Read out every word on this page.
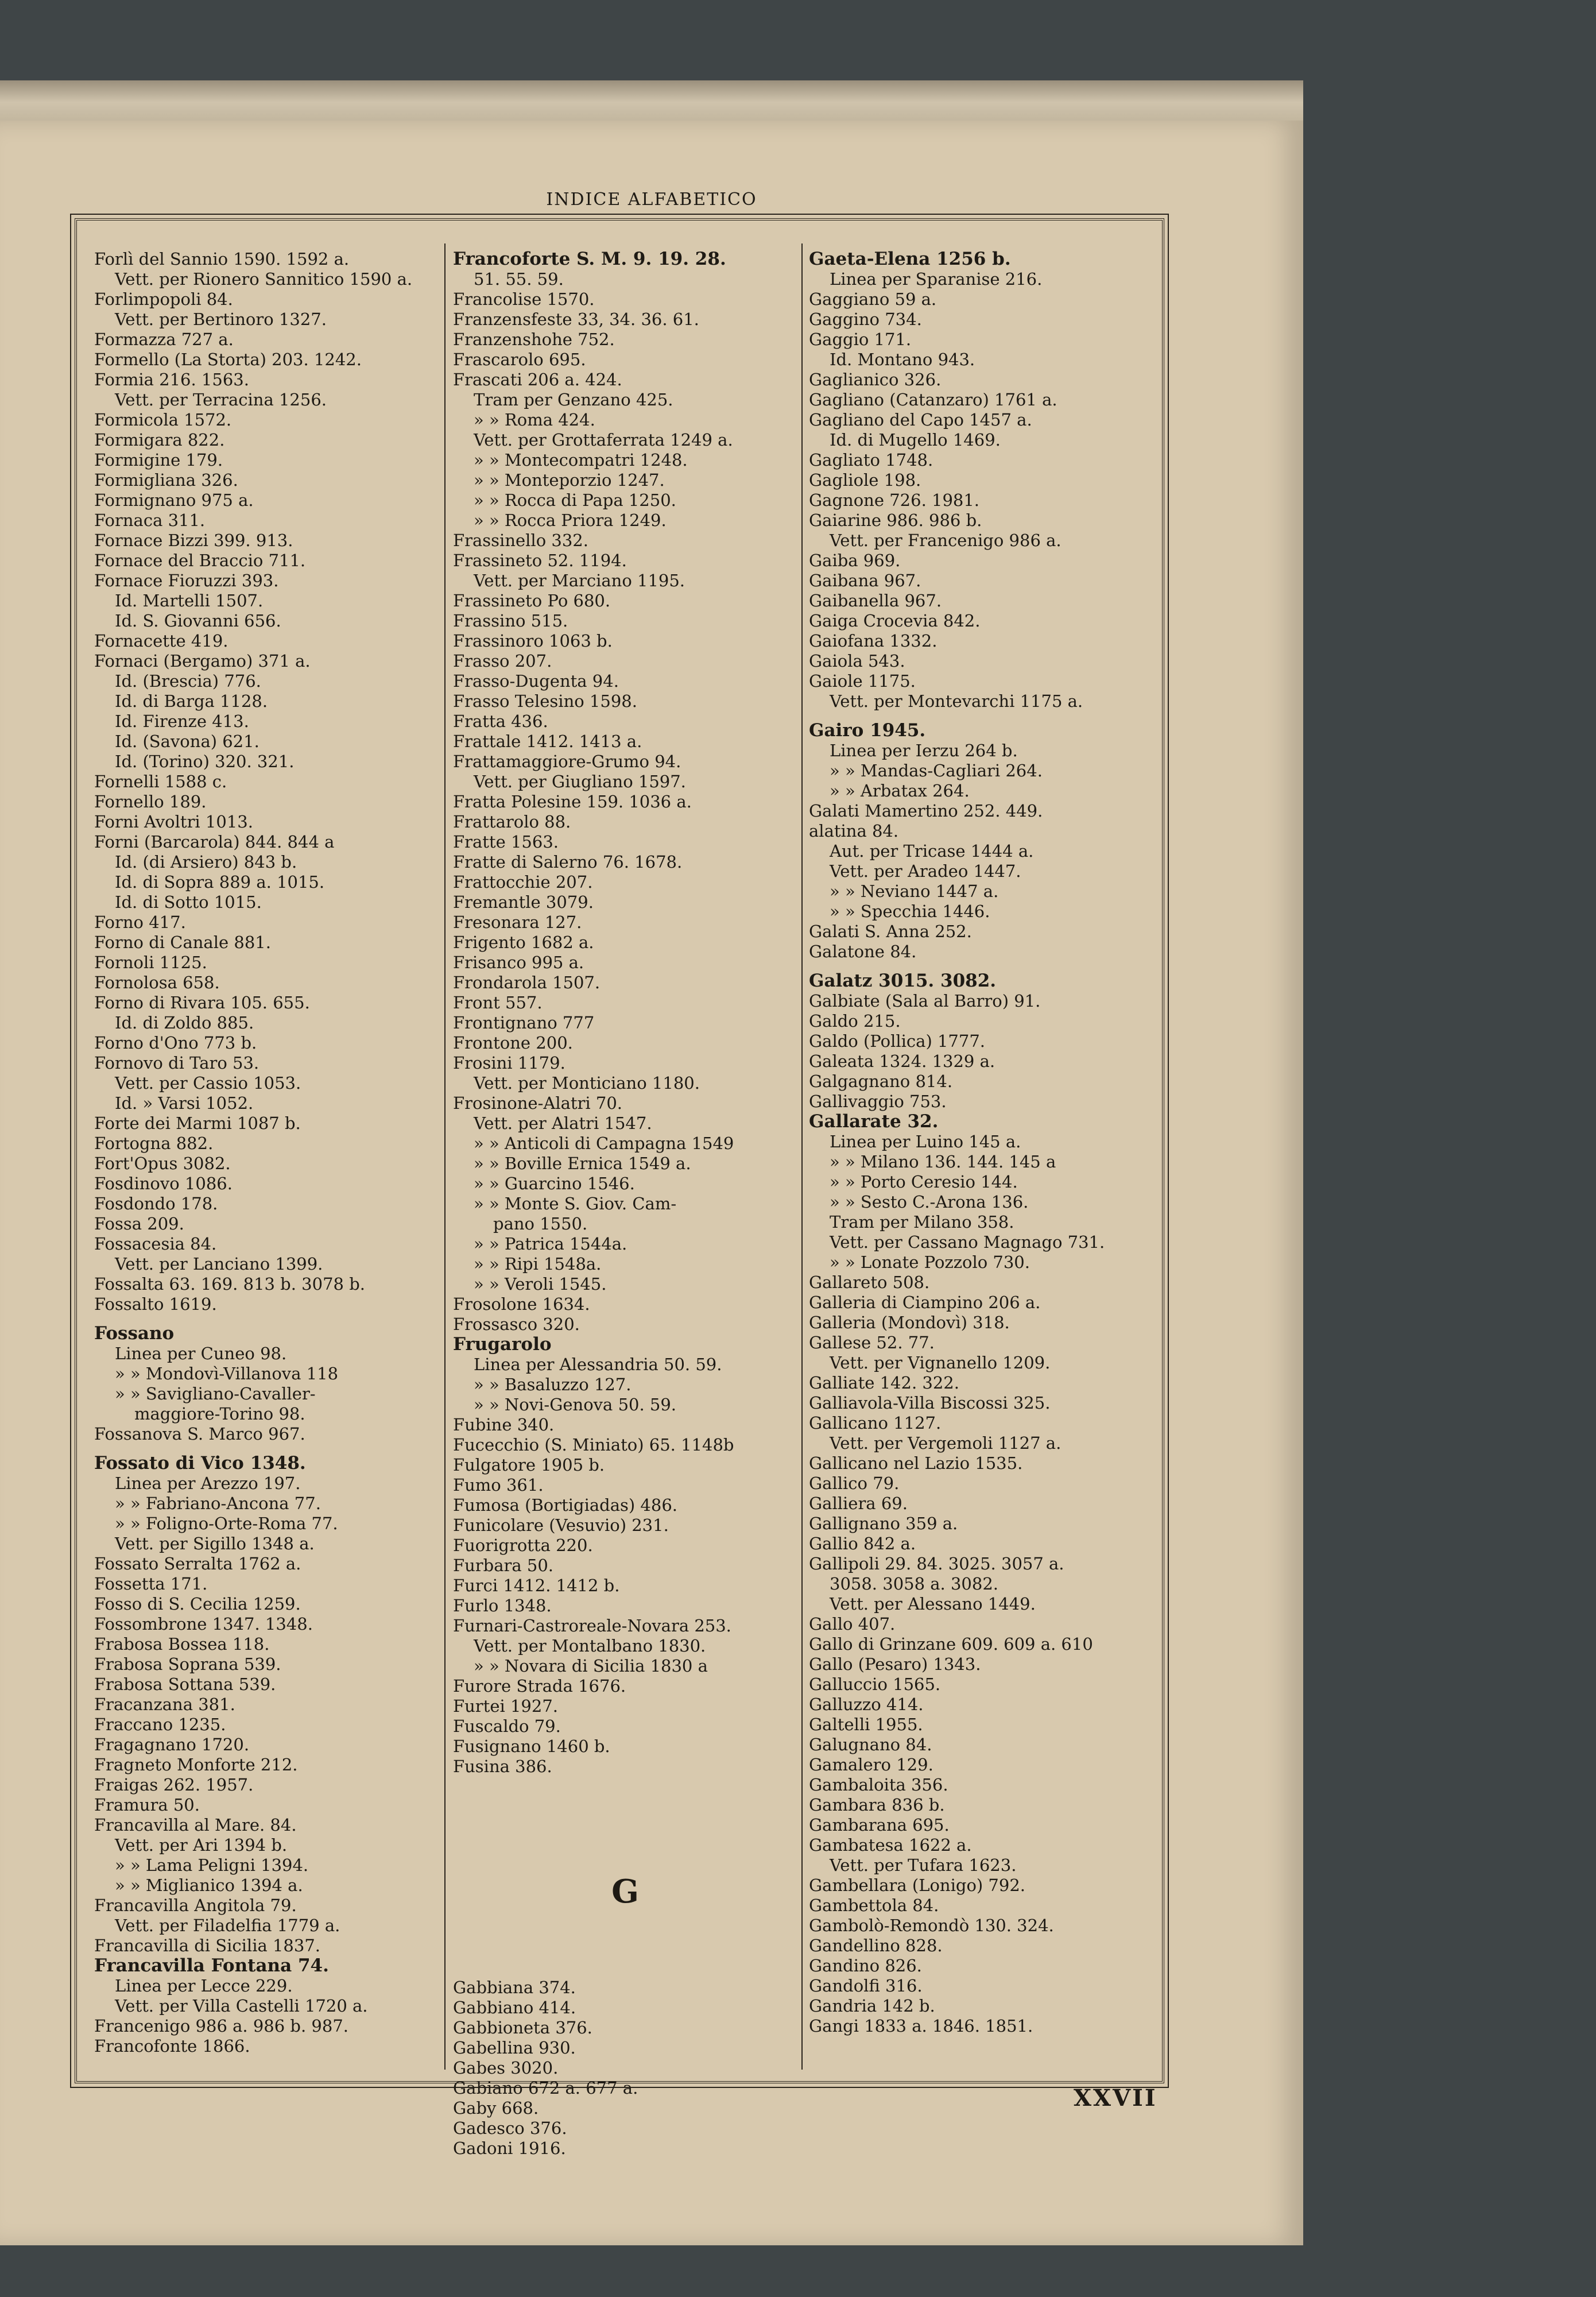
INDICE ALFABETICO
Forlì del Sannio 1590. 1592 a.
Vett. per Rionero Sannitico 1590 a.
Forlimpopoli 84.
Vett. per Bertinoro 1327.
Formazza 727 a.
Formello (La Storta) 203. 1242.
Formia 216. 1563.
Vett. per Terracina 1256.
Formicola 1572.
Formigara 822.
Formigine 179.
Formigliana 326.
Formignano 975 a.
Fornaca 311.
Fornace Bizzi 399. 913.
Fornace del Braccio 711.
Fornace Fioruzzi 393.
Id. Martelli 1507.
Id. S. Giovanni 656.
Fornacette 419.
Fornaci (Bergamo) 371 a.
Id. (Brescia) 776.
Id. di Barga 1128.
Id. Firenze 413.
Id. (Savona) 621.
Id. (Torino) 320. 321.
Fornelli 1588 c.
Fornello 189.
Forni Avoltri 1013.
Forni (Barcarola) 844. 844 a
Id. (di Arsiero) 843 b.
Id. di Sopra 889 a. 1015.
Id. di Sotto 1015.
Forno 417.
Forno di Canale 881.
Fornoli 1125.
Fornolosa 658.
Forno di Rivara 105. 655.
Id. di Zoldo 885.
Forno d'Ono 773 b.
Fornovo di Taro 53.
Vett. per Cassio 1053.
Id. » Varsi 1052.
Forte dei Marmi 1087 b.
Fortogna 882.
Fort'Opus 3082.
Fosdinovo 1086.
Fosdondo 178.
Fossa 209.
Fossacesia 84.
Vett. per Lanciano 1399.
Fossalta 63. 169. 813 b. 3078 b.
Fossalto 1619.
Fossano
Linea per Cuneo 98.
» » Mondovì-Villanova 118
» » Savigliano-Cavaller-
maggiore-Torino 98.
Fossanova S. Marco 967.
Fossato di Vico 1348.
Linea per Arezzo 197.
» » Fabriano-Ancona 77.
» » Foligno-Orte-Roma 77.
Vett. per Sigillo 1348 a.
Fossato Serralta 1762 a.
Fossetta 171.
Fosso di S. Cecilia 1259.
Fossombrone 1347. 1348.
Frabosa Bossea 118.
Frabosa Soprana 539.
Frabosa Sottana 539.
Fracanzana 381.
Fraccano 1235.
Fragagnano 1720.
Fragneto Monforte 212.
Fraigas 262. 1957.
Framura 50.
Francavilla al Mare. 84.
Vett. per Ari 1394 b.
» » Lama Peligni 1394.
» » Miglianico 1394 a.
Francavilla Angitola 79.
Vett. per Filadelfia 1779 a.
Francavilla di Sicilia 1837.
Francavilla Fontana 74.
Linea per Lecce 229.
Vett. per Villa Castelli 1720 a.
Francenigo 986 a. 986 b. 987.
Francofonte 1866.
Francoforte S. M. 9. 19. 28.
51. 55. 59.
Francolise 1570.
Franzensfeste 33, 34. 36. 61.
Franzenshohe 752.
Frascarolo 695.
Frascati 206 a. 424.
Tram per Genzano 425.
» » Roma 424.
Vett. per Grottaferrata 1249 a.
» » Montecompatri 1248.
» » Monteporzio 1247.
» » Rocca di Papa 1250.
» » Rocca Priora 1249.
Frassinello 332.
Frassineto 52. 1194.
Vett. per Marciano 1195.
Frassineto Po 680.
Frassino 515.
Frassinoro 1063 b.
Frasso 207.
Frasso-Dugenta 94.
Frasso Telesino 1598.
Fratta 436.
Frattale 1412. 1413 a.
Frattamaggiore-Grumo 94.
Vett. per Giugliano 1597.
Fratta Polesine 159. 1036 a.
Frattarolo 88.
Fratte 1563.
Fratte di Salerno 76. 1678.
Frattocchie 207.
Fremantle 3079.
Fresonara 127.
Frigento 1682 a.
Frisanco 995 a.
Frondarola 1507.
Front 557.
Frontignano 777
Frontone 200.
Frosini 1179.
Vett. per Monticiano 1180.
Frosinone-Alatri 70.
Vett. per Alatri 1547.
» » Anticoli di Campagna 1549
» » Boville Ernica 1549 a.
» » Guarcino 1546.
» » Monte S. Giov. Cam-
pano 1550.
» » Patrica 1544a.
» » Ripi 1548a.
» » Veroli 1545.
Frosolone 1634.
Frossasco 320.
Frugarolo
Linea per Alessandria 50. 59.
» » Basaluzzo 127.
» » Novi-Genova 50. 59.
Fubine 340.
Fucecchio (S. Miniato) 65. 1148b
Fulgatore 1905 b.
Fumo 361.
Fumosa (Bortigiadas) 486.
Funicolare (Vesuvio) 231.
Fuorigrotta 220.
Furbara 50.
Furci 1412. 1412 b.
Furlo 1348.
Furnari-Castroreale-Novara 253.
Vett. per Montalbano 1830.
» » Novara di Sicilia 1830 a
Furore Strada 1676.
Furtei 1927.
Fuscaldo 79.
Fusignano 1460 b.
Fusina 386.
G
Gabbiana 374.
Gabbiano 414.
Gabbioneta 376.
Gabellina 930.
Gabes 3020.
Gabiano 672 a. 677 a.
Gaby 668.
Gadesco 376.
Gadoni 1916.
Gaeta-Elena 1256 b.
Linea per Sparanise 216.
Gaggiano 59 a.
Gaggino 734.
Gaggio 171.
Id. Montano 943.
Gaglianico 326.
Gagliano (Catanzaro) 1761 a.
Gagliano del Capo 1457 a.
Id. di Mugello 1469.
Gagliato 1748.
Gagliole 198.
Gagnone 726. 1981.
Gaiarine 986. 986 b.
Vett. per Francenigo 986 a.
Gaiba 969.
Gaibana 967.
Gaibanella 967.
Gaiga Crocevia 842.
Gaiofana 1332.
Gaiola 543.
Gaiole 1175.
Vett. per Montevarchi 1175 a.
Gairo 1945.
Linea per Ierzu 264 b.
» » Mandas-Cagliari 264.
» » Arbatax 264.
Galati Mamertino 252. 449.
alatina 84.
Aut. per Tricase 1444 a.
Vett. per Aradeo 1447.
» » Neviano 1447 a.
» » Specchia 1446.
Galati S. Anna 252.
Galatone 84.
Galatz 3015. 3082.
Galbiate (Sala al Barro) 91.
Galdo 215.
Galdo (Pollica) 1777.
Galeata 1324. 1329 a.
Galgagnano 814.
Gallivaggio 753.
Gallarate 32.
Linea per Luino 145 a.
» » Milano 136. 144. 145 a
» » Porto Ceresio 144.
» » Sesto C.-Arona 136.
Tram per Milano 358.
Vett. per Cassano Magnago 731.
» » Lonate Pozzolo 730.
Gallareto 508.
Galleria di Ciampino 206 a.
Galleria (Mondovì) 318.
Gallese 52. 77.
Vett. per Vignanello 1209.
Galliate 142. 322.
Galliavola-Villa Biscossi 325.
Gallicano 1127.
Vett. per Vergemoli 1127 a.
Gallicano nel Lazio 1535.
Gallico 79.
Galliera 69.
Gallignano 359 a.
Gallio 842 a.
Gallipoli 29. 84. 3025. 3057 a.
3058. 3058 a. 3082.
Vett. per Alessano 1449.
Gallo 407.
Gallo di Grinzane 609. 609 a. 610
Gallo (Pesaro) 1343.
Galluccio 1565.
Galluzzo 414.
Galtelli 1955.
Galugnano 84.
Gamalero 129.
Gambaloita 356.
Gambara 836 b.
Gambarana 695.
Gambatesa 1622 a.
Vett. per Tufara 1623.
Gambellara (Lonigo) 792.
Gambettola 84.
Gambolò-Remondò 130. 324.
Gandellino 828.
Gandino 826.
Gandolfi 316.
Gandria 142 b.
Gangi 1833 a. 1846. 1851.
XXVII
